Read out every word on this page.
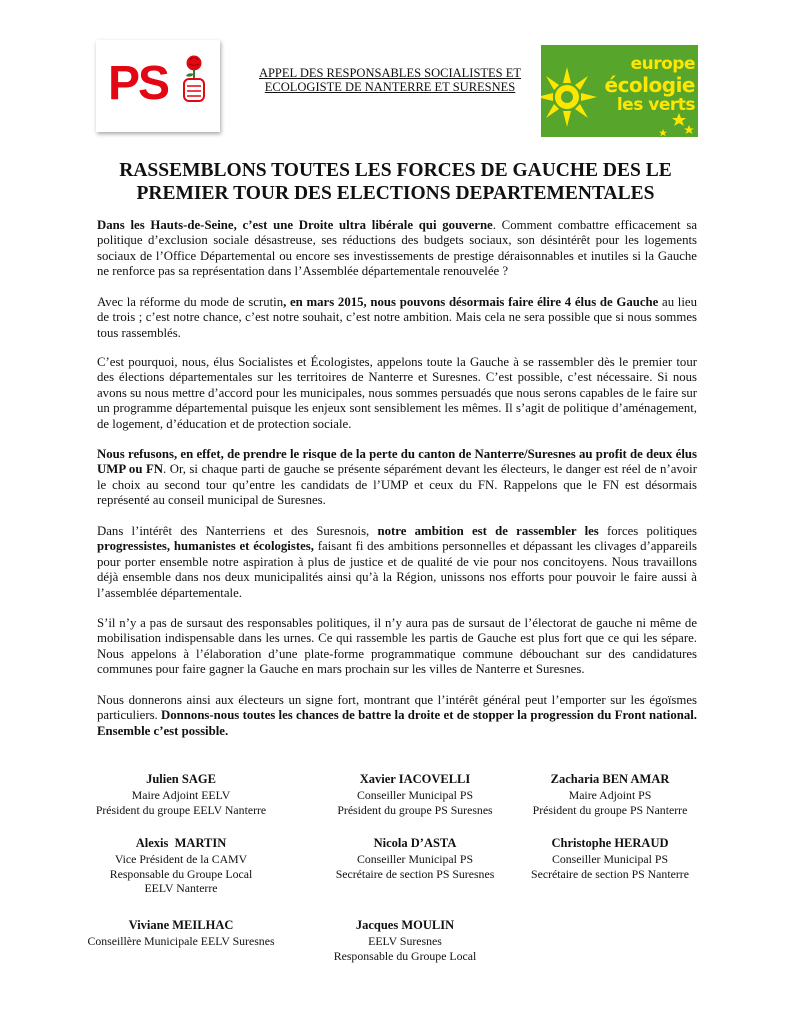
PS	APPEL DES RESPONSABLES SOCIALISTES ET
ECOLOGISTE DE NANTERRE ET SURESNES
europe
écologie
les verts
RASSEMBLONS TOUTES LES FORCES DE GAUCHE DES LE
PREMIER TOUR DES ELECTIONS DEPARTEMENTALES
Dans les Hauts-de-Seine, c’est une Droite ultra libérale qui gouverne. Comment combattre efficacement sa politique d’exclusion sociale désastreuse, ses réductions des budgets sociaux, son désintérêt pour les logements sociaux de l’Office Départemental ou encore ses investissements de prestige déraisonnables et inutiles si la Gauche ne renforce pas sa représentation dans l’Assemblée départementale renouvelée ?
Avec la réforme du mode de scrutin, en mars 2015, nous pouvons désormais faire élire 4 élus de Gauche au lieu de trois ; c’est notre chance, c’est notre souhait, c’est notre ambition. Mais cela ne sera possible que si nous sommes tous rassemblés.
C’est pourquoi, nous, élus Socialistes et Écologistes, appelons toute la Gauche à se rassembler dès le premier tour des élections départementales sur les territoires de Nanterre et Suresnes. C’est possible, c’est nécessaire. Si nous avons su nous mettre d’accord pour les municipales, nous sommes persuadés que nous serons capables de le faire sur un programme départemental puisque les enjeux sont sensiblement les mêmes. Il s’agit de politique d’aménagement, de logement, d’éducation et de protection sociale.
Nous refusons, en effet, de prendre le risque de la perte du canton de Nanterre/Suresnes au profit de deux élus UMP ou FN. Or, si chaque parti de gauche se présente séparément devant les électeurs, le danger est réel de n’avoir le choix au second tour qu’entre les candidats de l’UMP et ceux du FN. Rappelons que le FN est désormais représenté au conseil municipal de Suresnes.
Dans l’intérêt des Nanterriens et des Suresnois, notre ambition est de rassembler les forces politiques progressistes, humanistes et écologistes, faisant fi des ambitions personnelles et dépassant les clivages d’appareils pour porter ensemble notre aspiration à plus de justice et de qualité de vie pour nos concitoyens. Nous travaillons déjà ensemble dans nos deux municipalités ainsi qu’à la Région, unissons nos efforts pour pouvoir le faire aussi à l’assemblée départementale.
S’il n’y a pas de sursaut des responsables politiques, il n’y aura pas de sursaut de l’électorat de gauche ni même de mobilisation indispensable dans les urnes. Ce qui rassemble les partis de Gauche est plus fort que ce qui les sépare. Nous appelons à l’élaboration d’une plate-forme programmatique commune débouchant sur des candidatures communes pour faire gagner la Gauche en mars prochain sur les villes de Nanterre et Suresnes.
Nous donnerons ainsi aux électeurs un signe fort, montrant que l’intérêt général peut l’emporter sur les égoïsmes particuliers. Donnons-nous toutes les chances de battre la droite et de stopper la progression du Front national. Ensemble c’est possible.
Julien SAGE
Maire Adjoint EELV
Président du groupe EELV Nanterre
Xavier IACOVELLI
Conseiller Municipal PS
Président du groupe PS Suresnes
Zacharia BEN AMAR
Maire Adjoint PS
Président du groupe PS Nanterre
Alexis  MARTIN
Vice Président de la CAMV
Responsable du Groupe Local
EELV Nanterre
Nicola D’ASTA
Conseiller Municipal PS
Secrétaire de section PS Suresnes
Christophe HERAUD
Conseiller Municipal PS
Secrétaire de section PS Nanterre
Viviane MEILHAC
Conseillère Municipale EELV Suresnes
Jacques MOULIN
EELV Suresnes
Responsable du Groupe Local
